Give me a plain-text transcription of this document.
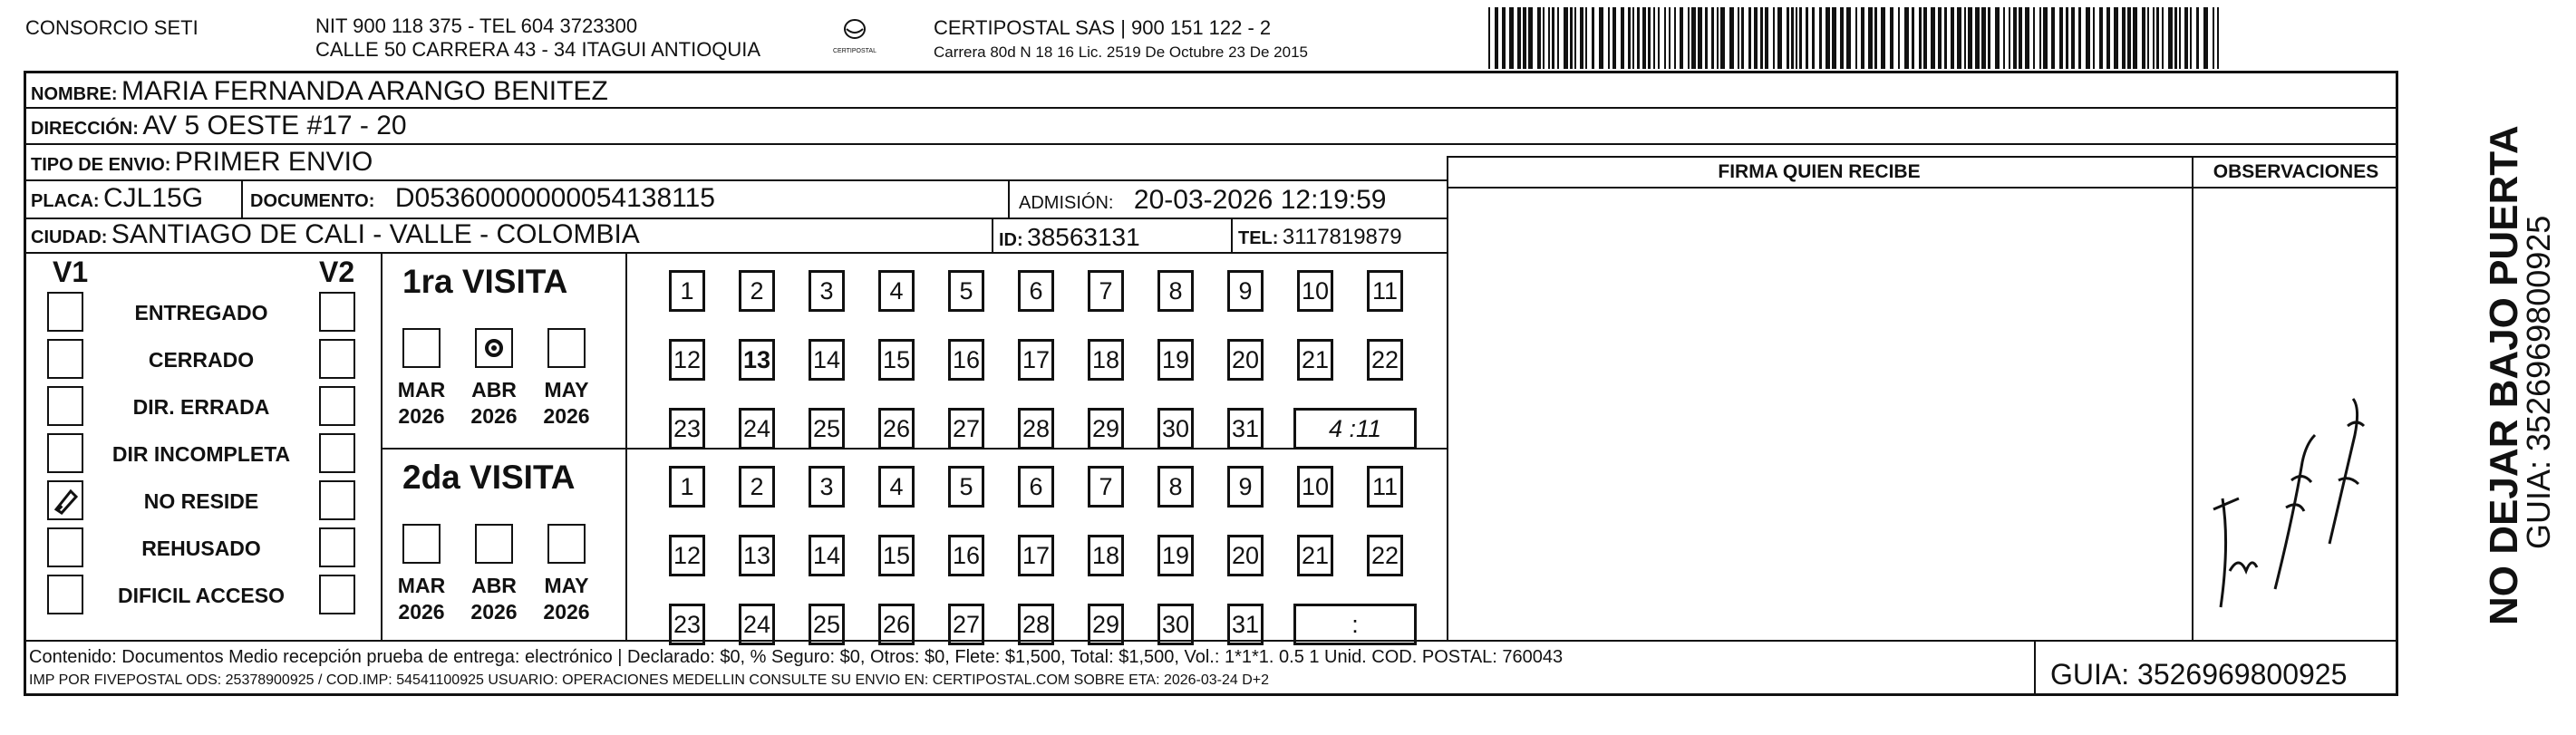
CONSORCIO SETI	NIT 900 118 375 - TEL 604 3723300
CALLE 50 CARRERA 43 - 34 ITAGUI ANTIOQUIA	CERTIPOSTAL
CERTIPOSTAL SAS | 900 151 122 - 2
Carrera 80d N 18 16 Lic. 2519 De Octubre 23 De 2015
NOMBRE: MARIA FERNANDA ARANGO BENITEZ
DIRECCIÓN: AV 5 OESTE #17 - 20
TIPO DE ENVIO: PRIMER ENVIO
PLACA: CJL15G	DOCUMENTO: D05360000000054138115	ADMISIÓN: 20-03-2026 12:19:59
CIUDAD: SANTIAGO DE CALI - VALLE - COLOMBIA	ID: 38563131	TEL: 3117819879
FIRMA QUIEN RECIBE	OBSERVACIONES	NO DEJAR BAJO PUERTA
GUIA: 3526969800925
V1	V2
ENTREGADO
CERRADO
DIR. ERRADA
DIR INCOMPLETA
NO RESIDE
REHUSADO
DIFICIL ACCESO
1ra VISITA
2da VISITA
MAR
2026
ABR
2026
MAY
2026
MAR
2026
ABR
2026
MAY
2026
1	2	3	4	5	6	7	8	9	10 11
12 13 14 15 16 17 18 19 20 21 22
23 24 25 26 27 28 29 30 31	4 :11
1	2	3	4	5	6	7	8	9	10 11
12 13 14 15 16 17 18 19 20 21 22
23 24 25 26 27 28 29 30 31	:
Contenido: Documentos Medio recepción prueba de entrega: electrónico | Declarado: $0, % Seguro: $0, Otros: $0, Flete: $1,500, Total: $1,500, Vol.: 1*1*1. 0.5 1 Unid. COD. POSTAL: 760043
IMP POR FIVEPOSTAL ODS: 25378900925 / COD.IMP: 54541100925 USUARIO: OPERACIONES MEDELLIN CONSULTE SU ENVIO EN: CERTIPOSTAL.COM SOBRE ETA: 2026-03-24 D+2	GUIA: 3526969800925
